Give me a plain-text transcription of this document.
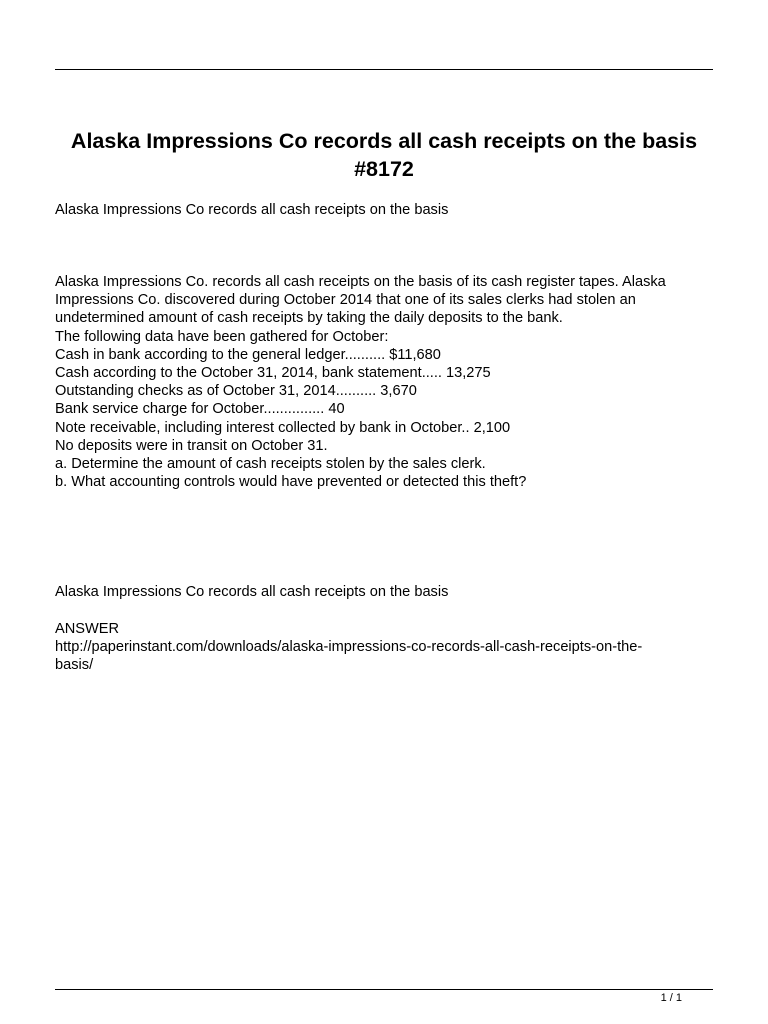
Alaska Impressions Co records all cash receipts on the basis #8172

Alaska Impressions Co records all cash receipts on the basis

Alaska Impressions Co. records all cash receipts on the basis of its cash register tapes. Alaska
Impressions Co. discovered during October 2014 that one of its sales clerks had stolen an
undetermined amount of cash receipts by taking the daily deposits to the bank.
The following data have been gathered for October:
Cash in bank according to the general ledger.......... $11,680
Cash according to the October 31, 2014, bank statement..... 13,275
Outstanding checks as of October 31, 2014.......... 3,670
Bank service charge for October............... 40
Note receivable, including interest collected by bank in October.. 2,100
No deposits were in transit on October 31.
a. Determine the amount of cash receipts stolen by the sales clerk.
b. What accounting controls would have prevented or detected this theft?

Alaska Impressions Co records all cash receipts on the basis

ANSWER
http://paperinstant.com/downloads/alaska-impressions-co-records-all-cash-receipts-on-the-
basis/
1 / 1
